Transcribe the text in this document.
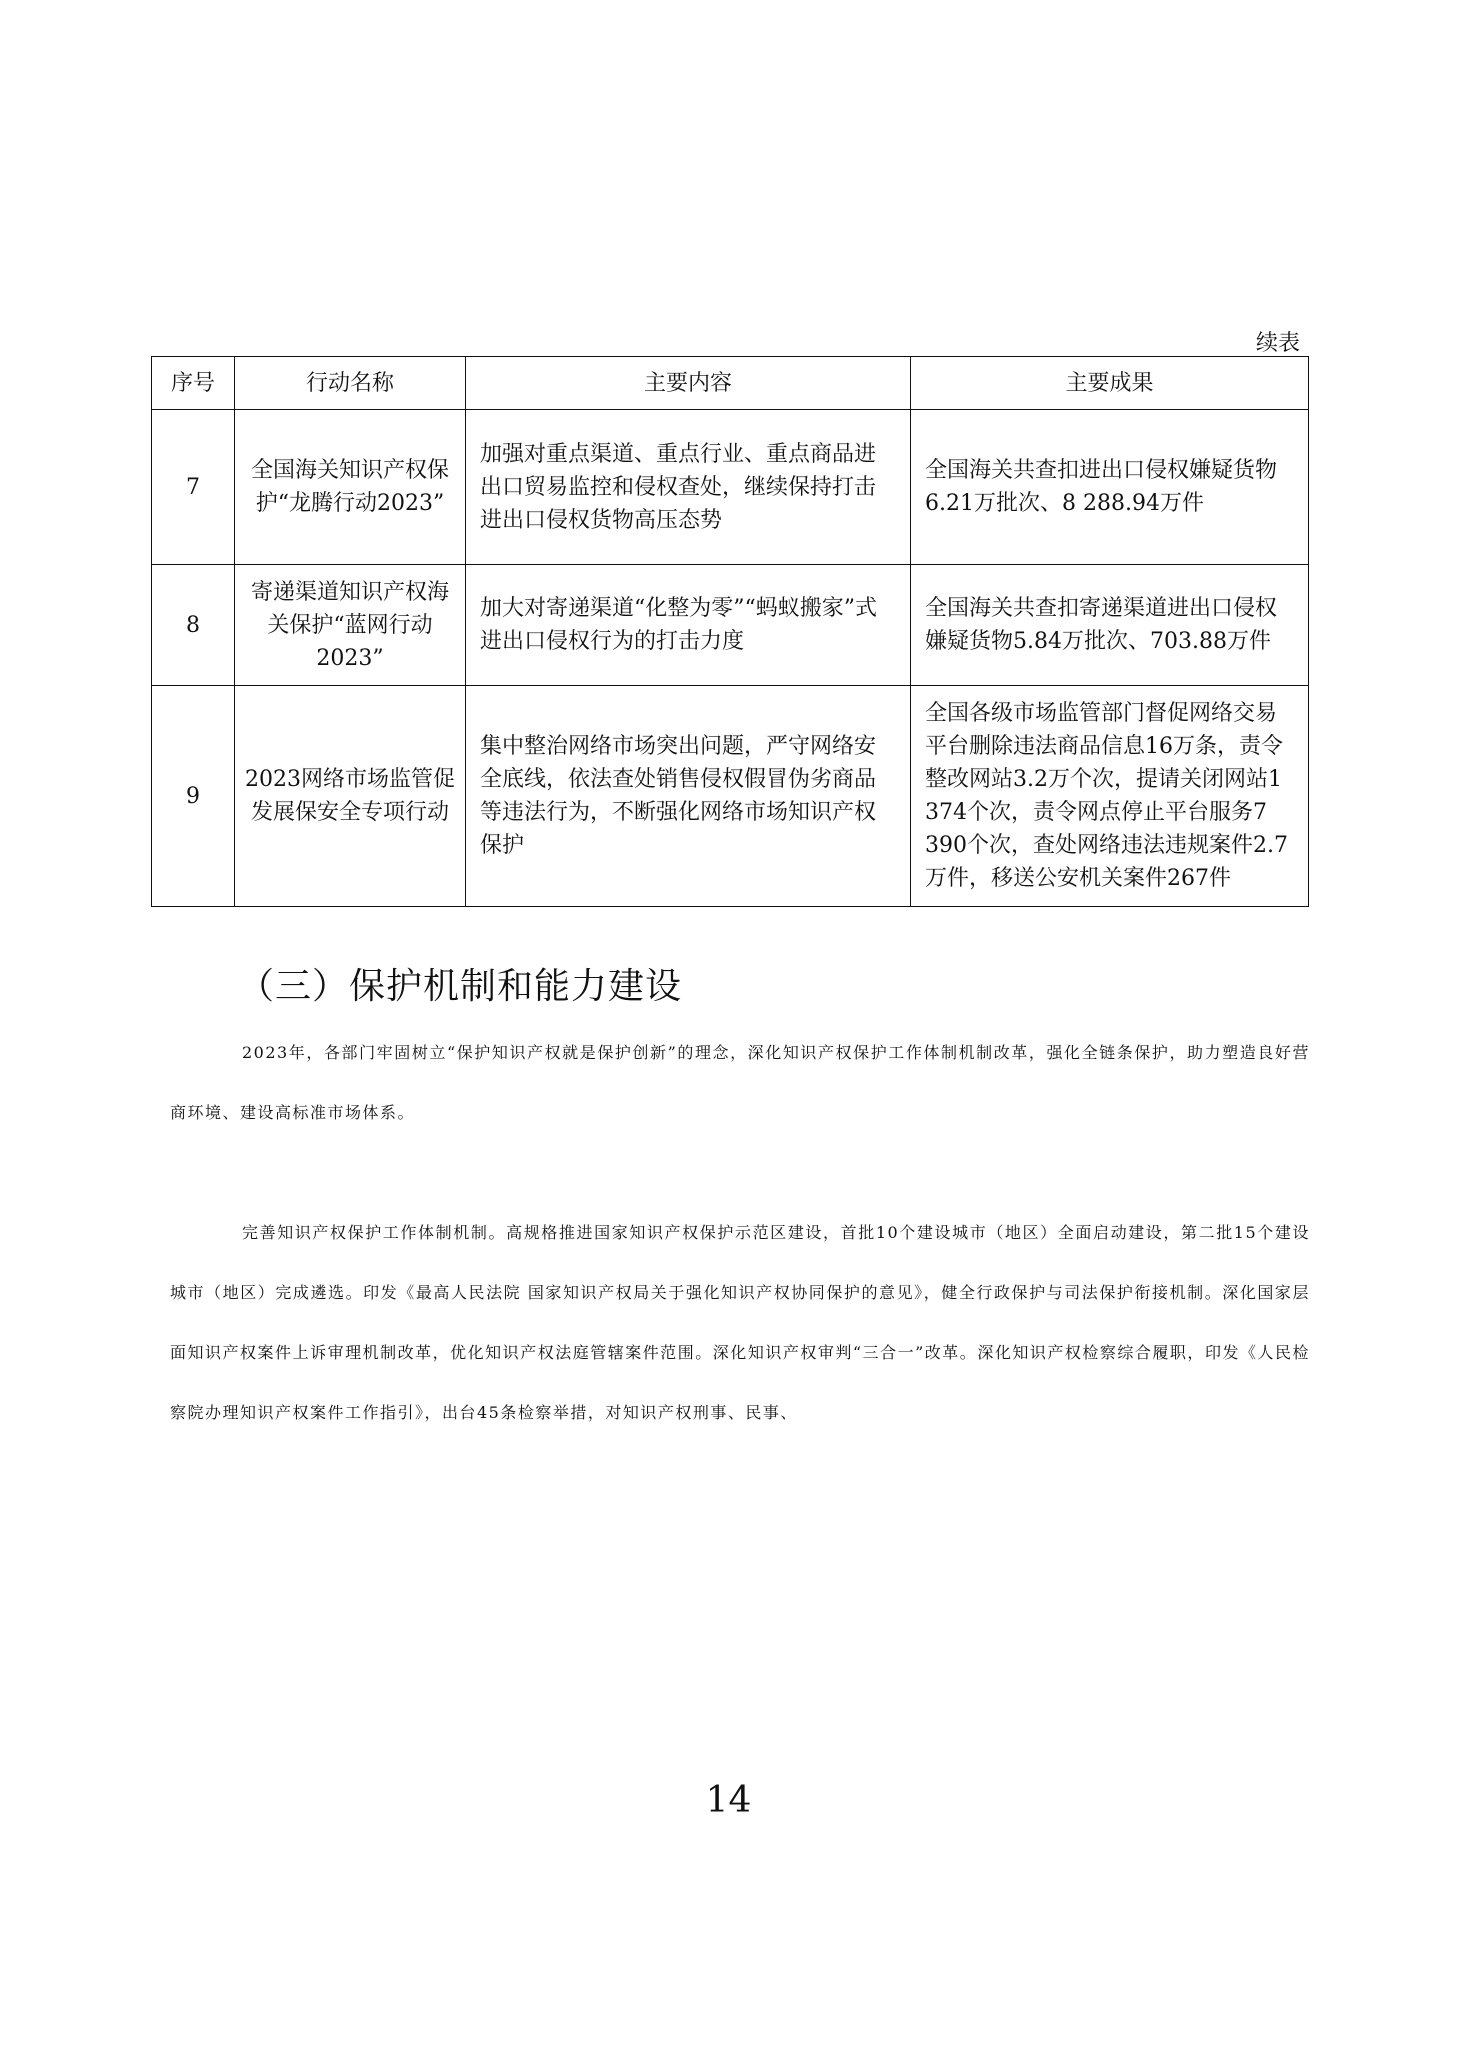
续表
序号	行动名称	主要内容	主要成果
7	全国海关知识产权保护“龙腾行动2023”	加强对重点渠道、重点行业、重点商品进出口贸易监控和侵权查处，继续保持打击进出口侵权货物高压态势	全国海关共查扣进出口侵权嫌疑货物6.21万批次、8 288.94万件
8	寄递渠道知识产权海关保护“蓝网行动2023”	加大对寄递渠道“化整为零”“蚂蚁搬家”式进出口侵权行为的打击力度	全国海关共查扣寄递渠道进出口侵权嫌疑货物5.84万批次、703.88万件
9	2023网络市场监管促发展保安全专项行动	集中整治网络市场突出问题，严守网络安全底线，依法查处销售侵权假冒伪劣商品等违法行为，不断强化网络市场知识产权保护	全国各级市场监管部门督促网络交易平台删除违法商品信息16万条，责令整改网站3.2万个次，提请关闭网站1 374个次，责令网点停止平台服务7 390个次，查处网络违法违规案件2.7万件，移送公安机关案件267件
（三）保护机制和能力建设

2023年，各部门牢固树立“保护知识产权就是保护创新”的理念，深化知识产权保护工作体制机制改革，强化全链条保护，助力塑造良好营商环境、建设高标准市场体系。

完善知识产权保护工作体制机制。高规格推进国家知识产权保护示范区建设，首批10个建设城市（地区）全面启动建设，第二批15个建设城市（地区）完成遴选。印发《最高人民法院 国家知识产权局关于强化知识产权协同保护的意见》，健全行政保护与司法保护衔接机制。深化国家层面知识产权案件上诉审理机制改革，优化知识产权法庭管辖案件范围。深化知识产权审判“三合一”改革。深化知识产权检察综合履职，印发《人民检察院办理知识产权案件工作指引》，出台45条检察举措，对知识产权刑事、民事、

14
